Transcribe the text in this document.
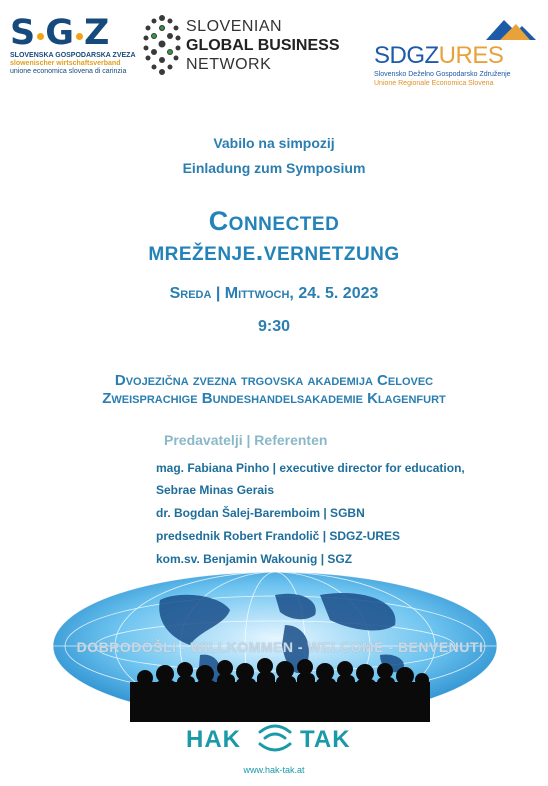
S G Z
SLOVENSKA GOSPODARSKA ZVEZA
slowenischer wirtschaftsverband
unione economica slovena di carinzia
SLOVENIAN
GLOBAL BUSINESS
NETWORK	SDGZURES
Slovensko Deželno Gospodarsko Združenje
Unione Regionale Economica Slovena
Vabilo na simpozij
Einladung zum Symposium
Connected
mreženje.vernetzung
Sreda | Mittwoch, 24. 5. 2023
9:30
Dvojezična zvezna trgovska akademija Celovec
Zweisprachige Bundeshandelsakademie Klagenfurt
Predavatelji | Referenten
mag. Fabiana Pinho | executive director for education,
Sebrae Minas Gerais
dr. Bogdan Šalej-Baremboim | SGBN
predsednik Robert Frandolič | SDGZ-URES
kom.sv. Benjamin Wakounig | SGZ
DOBRODOŠLI - WILLKOMMEN - WELCOME - BENVENUTI
HAK TAK
www.hak-tak.at
